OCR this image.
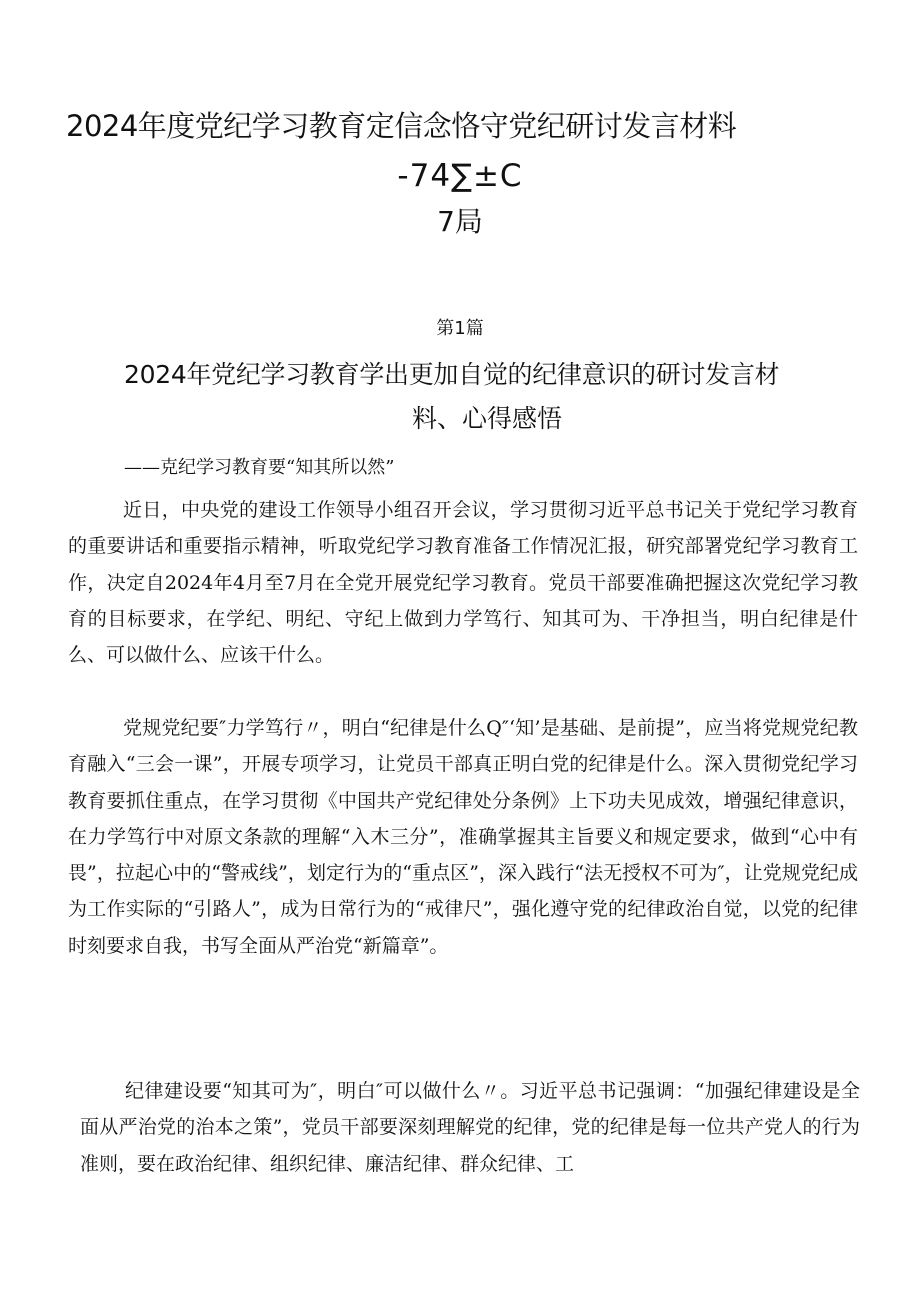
2024年度党纪学习教育定信念恪守党纪研讨发言材料
-74∑±C
7局
第1篇
2024年党纪学习教育学出更加自觉的纪律意识的研讨发言材
料、心得感悟
——克纪学习教育要“知其所以然”

近日，中央党的建设工作领导小组召开会议，学习贯彻习近平总书记关于党纪学习教育的重要讲话和重要指示精神，听取党纪学习教育准备工作情况汇报，研究部署党纪学习教育工作，决定自2024年4月至7月在全党开展党纪学习教育。党员干部要准确把握这次党纪学习教育的目标要求，在学纪、明纪、守纪上做到力学笃行、知其可为、干净担当，明白纪律是什么、可以做什么、应该干什么。

党规党纪要″力学笃行〃，明白“纪律是什么Q″‘知’是基础、是前提”，应当将党规党纪教育融入“三会一课”，开展专项学习，让党员干部真正明白党的纪律是什么。深入贯彻党纪学习教育要抓住重点，在学习贯彻《中国共产党纪律处分条例》上下功夫见成效，增强纪律意识，在力学笃行中对原文条款的理解“入木三分”，准确掌握其主旨要义和规定要求，做到“心中有畏”，拉起心中的“警戒线”，划定行为的“重点区”，深入践行“法无授权不可为″，让党规党纪成为工作实际的“引路人”，成为日常行为的“戒律尺”，强化遵守党的纪律政治自觉，以党的纪律时刻要求自我，书写全面从严治党“新篇章”。

纪律建设要“知其可为″，明白″可以做什么〃。习近平总书记强调：“加强纪律建设是全面从严治党的治本之策”，党员干部要深刻理解党的纪律，党的纪律是每一位共产党人的行为准则，要在政治纪律、组织纪律、廉洁纪律、群众纪律、工
